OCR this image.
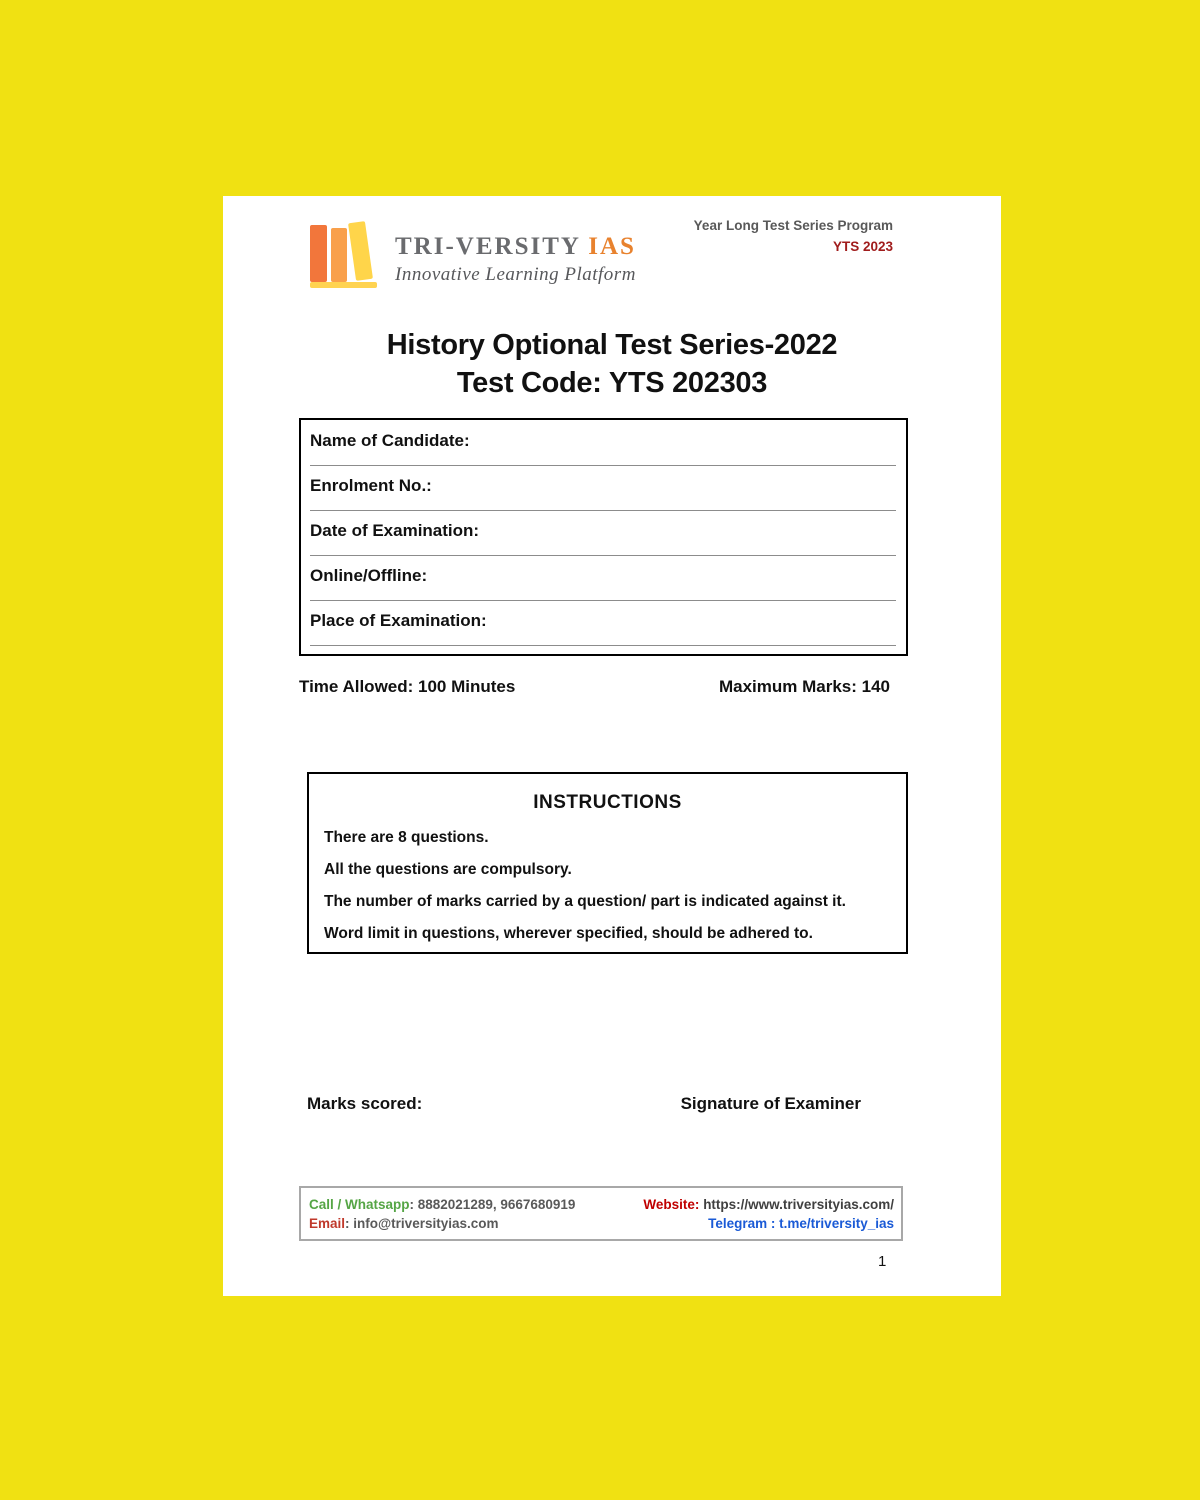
TRI-VERSITY IAS
Innovative Learning Platform
Year Long Test Series Program
YTS 2023
History Optional Test Series-2022
Test Code: YTS 202303
Name of Candidate:
Enrolment No.:
Date of Examination:
Online/Offline:
Place of Examination:
Time Allowed: 100 Minutes	Maximum Marks: 140
INSTRUCTIONS
There are 8 questions.
All the questions are compulsory.
The number of marks carried by a question/ part is indicated against it.
Word limit in questions, wherever specified, should be adhered to.
Marks scored:	Signature of Examiner
Call / Whatsapp: 8882021289, 9667680919
Email: info@triversityias.com
Website: https://www.triversityias.com/
Telegram : t.me/triversity_ias
1
